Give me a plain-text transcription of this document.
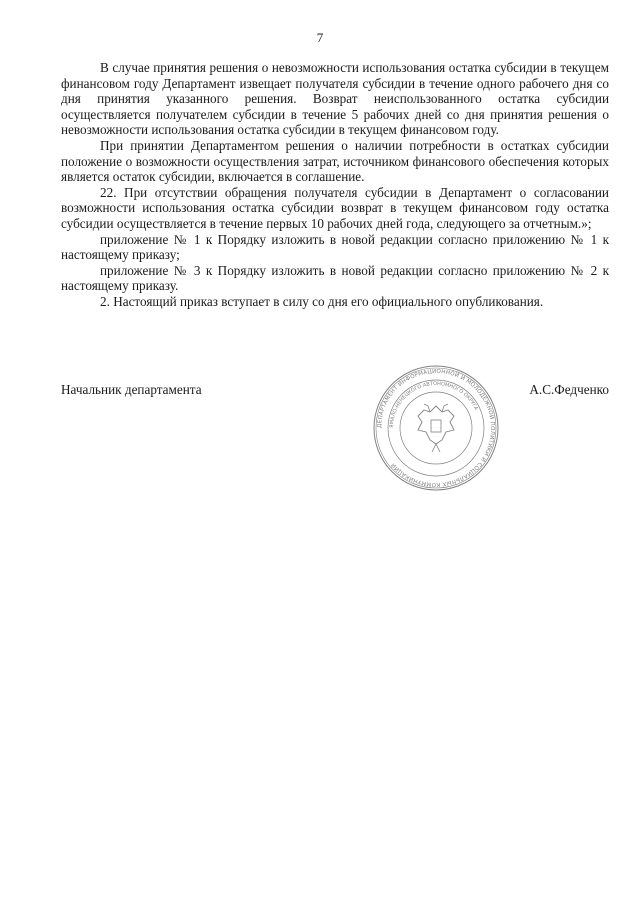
7

В случае принятия решения о невозможности использования остатка субсидии в текущем финансовом году Департамент извещает получателя субсидии в течение одного рабочего дня со дня принятия указанного решения. Возврат неиспользованного остатка субсидии осуществляется получателем субсидии в течение 5 рабочих дней со дня принятия решения о невозможности использования остатка субсидии в текущем финансовом году.

При принятии Департаментом решения о наличии потребности в остатках субсидии положение о возможности осуществления затрат, источником финансового обеспечения которых является остаток субсидии, включается в соглашение.

22. При отсутствии обращения получателя субсидии в Департамент о согласовании возможности использования остатка субсидии возврат в текущем финансовом году остатка субсидии осуществляется в течение первых 10 рабочих дней года, следующего за отчетным.»;

приложение № 1 к Порядку изложить в новой редакции согласно приложению № 1 к настоящему приказу;

приложение № 3 к Порядку изложить в новой редакции согласно приложению № 2 к настоящему приказу.

2. Настоящий приказ вступает в силу со дня его официального опубликования.

Начальник департамента	А.С.Федченко
ДЕПАРТАМЕНТ ИНФОРМАЦИОННОЙ И МОЛОДЁЖНОЙ ПОЛИТИКИ И СОЦИАЛЬНЫХ КОММУНИКАЦИЙ
ЯМАЛО-НЕНЕЦКОГО АВТОНОМНОГО ОКРУГА
